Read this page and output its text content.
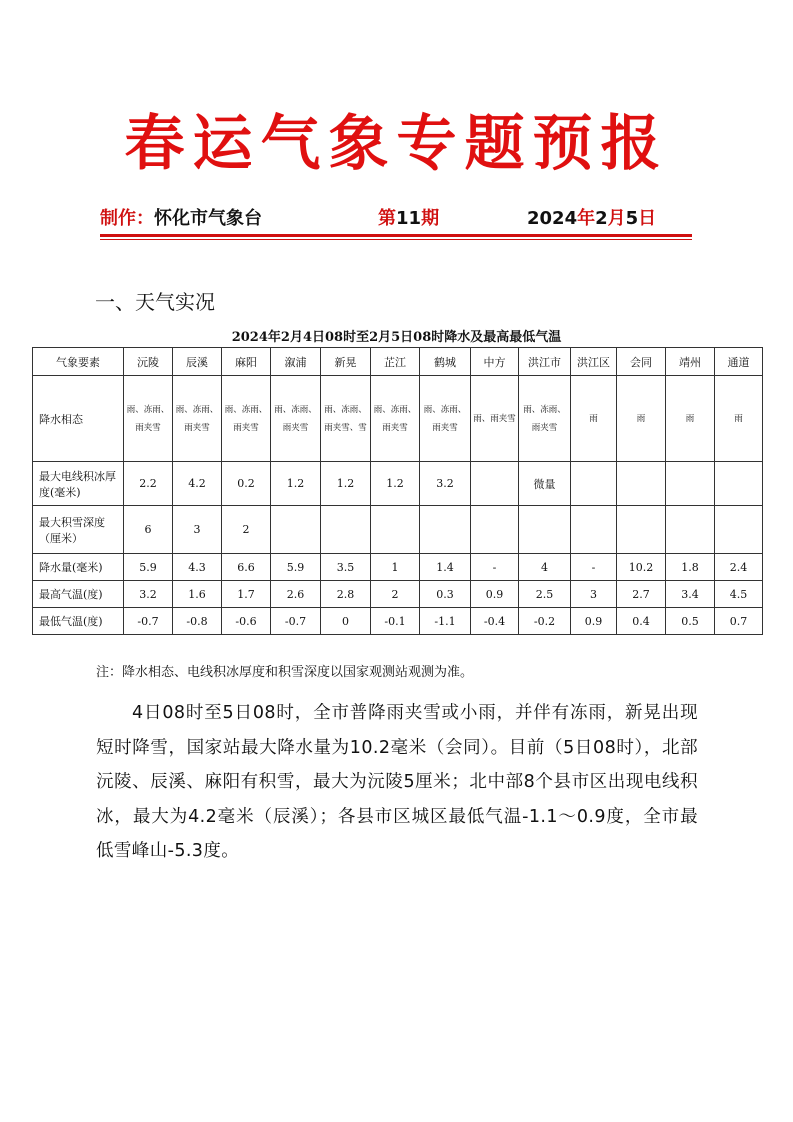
春运气象专题预报
制作：怀化市气象台	第11期	2024年2月5日
一、天气实况
2024年2月4日08时至2月5日08时降水及最高最低气温
气象要素	沅陵	辰溪	麻阳	溆浦	新晃	芷江	鹤城	中方	洪江市	洪江区	会同	靖州	通道
降水相态	雨、冻雨、雨夹雪	雨、冻雨、雨夹雪	雨、冻雨、雨夹雪	雨、冻雨、雨夹雪	雨、冻雨、雨夹雪、雪	雨、冻雨、雨夹雪	雨、冻雨、雨夹雪	雨、雨夹雪	雨、冻雨、雨夹雪	雨	雨	雨	雨
最大电线积冰厚度(毫米)	2.2	4.2	0.2	1.2	1.2	1.2	3.2		微量				
最大积雪深度（厘米）	6	3	2										
降水量(毫米)	5.9	4.3	6.6	5.9	3.5	1	1.4	-	4	-	10.2	1.8	2.4
最高气温(度)	3.2	1.6	1.7	2.6	2.8	2	0.3	0.9	2.5	3	2.7	3.4	4.5
最低气温(度)	-0.7	-0.8	-0.6	-0.7	0	-0.1	-1.1	-0.4	-0.2	0.9	0.4	0.5	0.7
注：降水相态、电线积冰厚度和积雪深度以国家观测站观测为准。
4日08时至5日08时，全市普降雨夹雪或小雨，并伴有冻雨，新晃出现短时降雪，国家站最大降水量为10.2毫米（会同）。目前（5日08时），北部沅陵、辰溪、麻阳有积雪，最大为沅陵5厘米；北中部8个县市区出现电线积冰，最大为4.2毫米（辰溪）；各县市区城区最低气温-1.1～0.9度，全市最低雪峰山-5.3度。
